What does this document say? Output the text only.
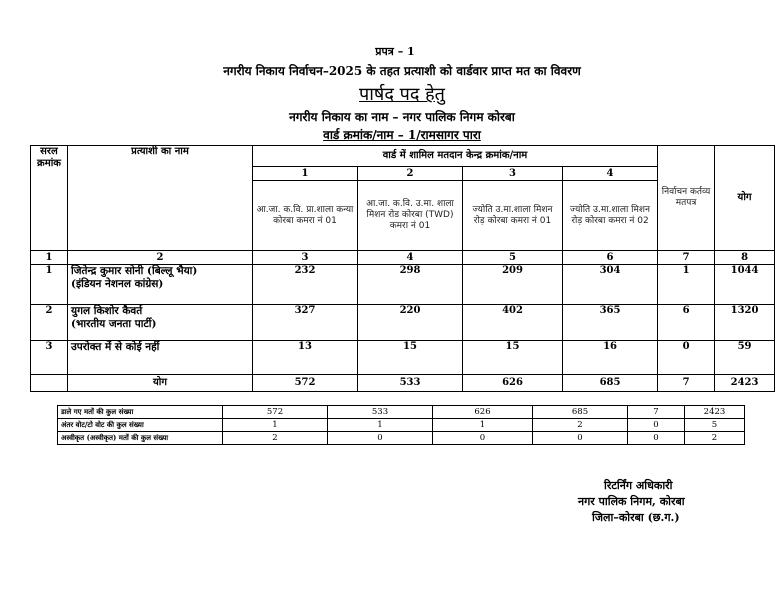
प्रपत्र – 1
नगरीय निकाय निर्वाचन–2025 के तहत प्रत्याशी को वार्डवार प्राप्त मत का विवरण
पार्षद पद हेतु
नगरीय निकाय का नाम – नगर पालिक निगम कोरबा
वार्ड क्रमांक/नाम – 1/रामसागर पारा
सरल क्रमांक	प्रत्याशी का नाम	वार्ड में शामिल मतदान केन्द्र क्रमांक/नाम				निर्वाचन कर्तव्य मतपत्र	योग
		1	2	3	4		
		आ.जा. क.वि. प्रा.शाला कन्या कोरबा कमरा नं 01	आ.जा. क.वि. उ.मा. शाला मिशन रोड कोरबा (TWD) कमरा नं 01	ज्योति उ.मा.शाला मिशन रोड़ कोरबा कमरा नं 01	ज्योति उ.मा.शाला मिशन रोड़ कोरबा कमरा नं 02		
1	2	3	4	5	6	7	8
1	जितेन्द्र कुमार सोनी (बिल्लू भैया)
(इंडियन नेशनल कांग्रेस)	232	298	209	304	1	1044
2	युगल किशोर कैवर्त
(भारतीय जनता पार्टी)	327	220	402	365	6	1320
3	उपरोक्त में से कोई नहीं	13	15	15	16	0	59
	योग	572	533	626	685	7	2423
डाले गए मतों की कुल संख्या	572	533	626	685	7	2423
अंतर वोट/टो वोट की कुल संख्या	1	1	1	2	0	5
अस्वीकृत (अस्वीकृत) मतों की कुल संख्या	2	0	0	0	0	2
रिटर्निंग अधिकारी
नगर पालिक निगम, कोरबा
जिला–कोरबा (छ.ग.)
